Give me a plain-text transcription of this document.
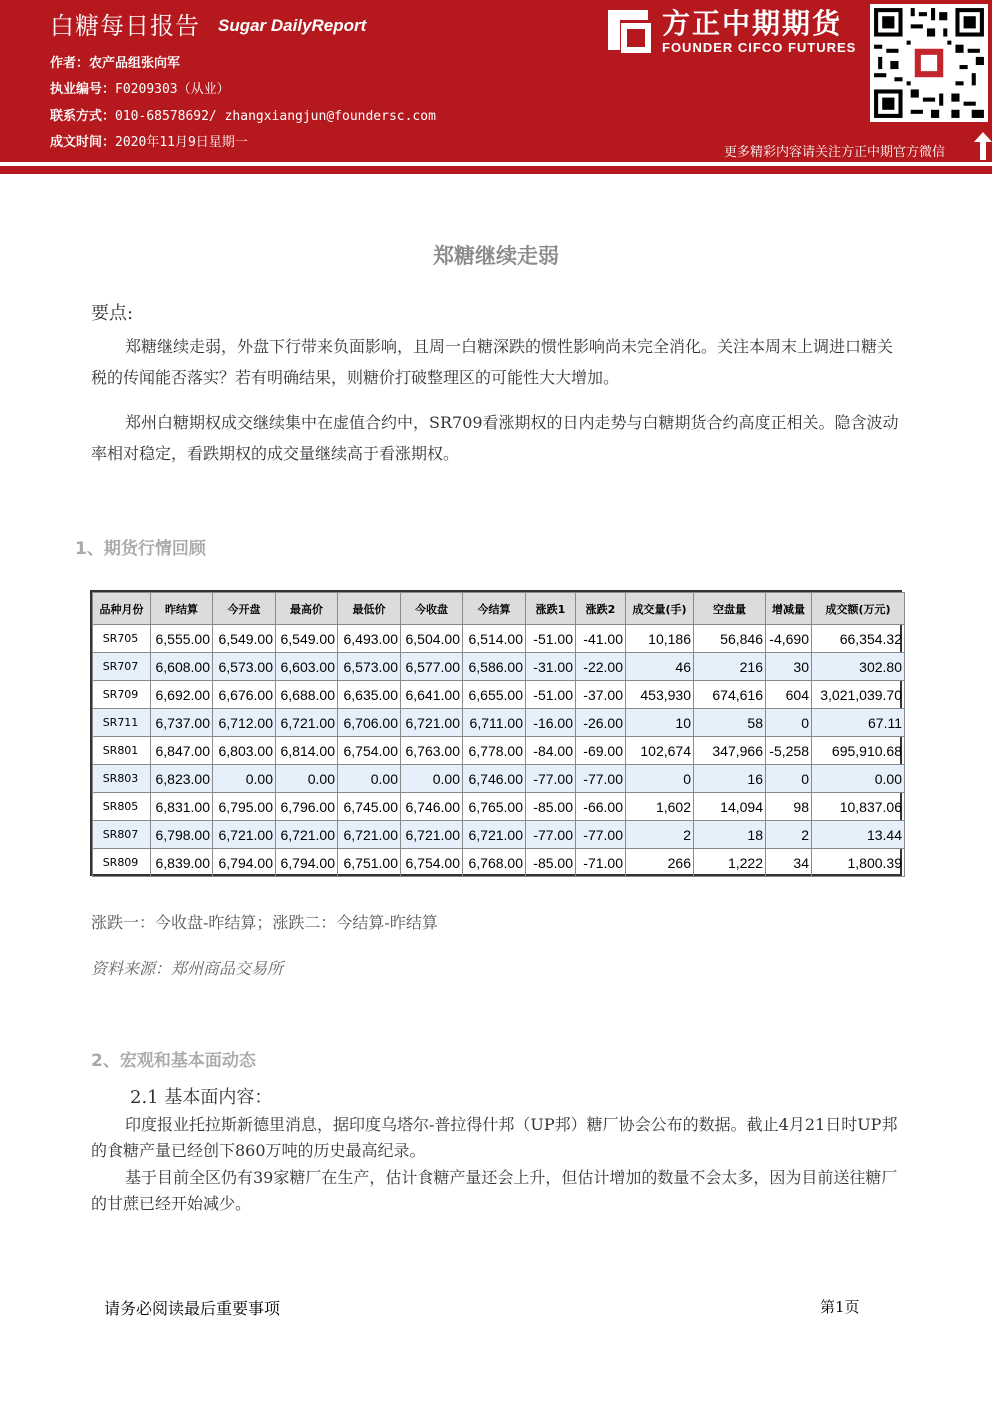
白糖每日报告 Sugar DailyReport
作者：农产品组张向军
执业编号：F0209303（从业）
联系方式：010-68578692/ zhangxiangjun@foundersc.com
成文时间：2020年11月9日星期一
方正中期期货
FOUNDER CIFCO FUTURES
更多精彩内容请关注方正中期官方微信
郑糖继续走弱
要点:
郑糖继续走弱，外盘下行带来负面影响，且周一白糖深跌的惯性影响尚未完全消化。关注本周末上调进口糖关税的传闻能否落实？若有明确结果，则糖价打破整理区的可能性大大增加。
郑州白糖期权成交继续集中在虚值合约中，SR709看涨期权的日内走势与白糖期货合约高度正相关。隐含波动率相对稳定，看跌期权的成交量继续高于看涨期权。
1、期货行情回顾
品种月份	昨结算	今开盘	最高价	最低价	今收盘	今结算	涨跌1	涨跌2	成交量(手)	空盘量	增减量	成交额(万元)
SR705	6,555.00	6,549.00	6,549.00	6,493.00	6,504.00	6,514.00	-51.00	-41.00	10,186	56,846	-4,690	66,354.32
SR707	6,608.00	6,573.00	6,603.00	6,573.00	6,577.00	6,586.00	-31.00	-22.00	46	216	30	302.80
SR709	6,692.00	6,676.00	6,688.00	6,635.00	6,641.00	6,655.00	-51.00	-37.00	453,930	674,616	604	3,021,039.70
SR711	6,737.00	6,712.00	6,721.00	6,706.00	6,721.00	6,711.00	-16.00	-26.00	10	58	0	67.11
SR801	6,847.00	6,803.00	6,814.00	6,754.00	6,763.00	6,778.00	-84.00	-69.00	102,674	347,966	-5,258	695,910.68
SR803	6,823.00	0.00	0.00	0.00	0.00	6,746.00	-77.00	-77.00	0	16	0	0.00
SR805	6,831.00	6,795.00	6,796.00	6,745.00	6,746.00	6,765.00	-85.00	-66.00	1,602	14,094	98	10,837.06
SR807	6,798.00	6,721.00	6,721.00	6,721.00	6,721.00	6,721.00	-77.00	-77.00	2	18	2	13.44
SR809	6,839.00	6,794.00	6,794.00	6,751.00	6,754.00	6,768.00	-85.00	-71.00	266	1,222	34	1,800.39
涨跌一：今收盘-昨结算；涨跌二：今结算-昨结算
资料来源：郑州商品交易所
2、宏观和基本面动态
2.1 基本面内容：
印度报业托拉斯新德里消息，据印度乌塔尔-普拉得什邦（UP邦）糖厂协会公布的数据。截止4月21日时UP邦的食糖产量已经创下860万吨的历史最高纪录。
基于目前全区仍有39家糖厂在生产，估计食糖产量还会上升，但估计增加的数量不会太多，因为目前送往糖厂的甘蔗已经开始减少。
请务必阅读最后重要事项	第1页
